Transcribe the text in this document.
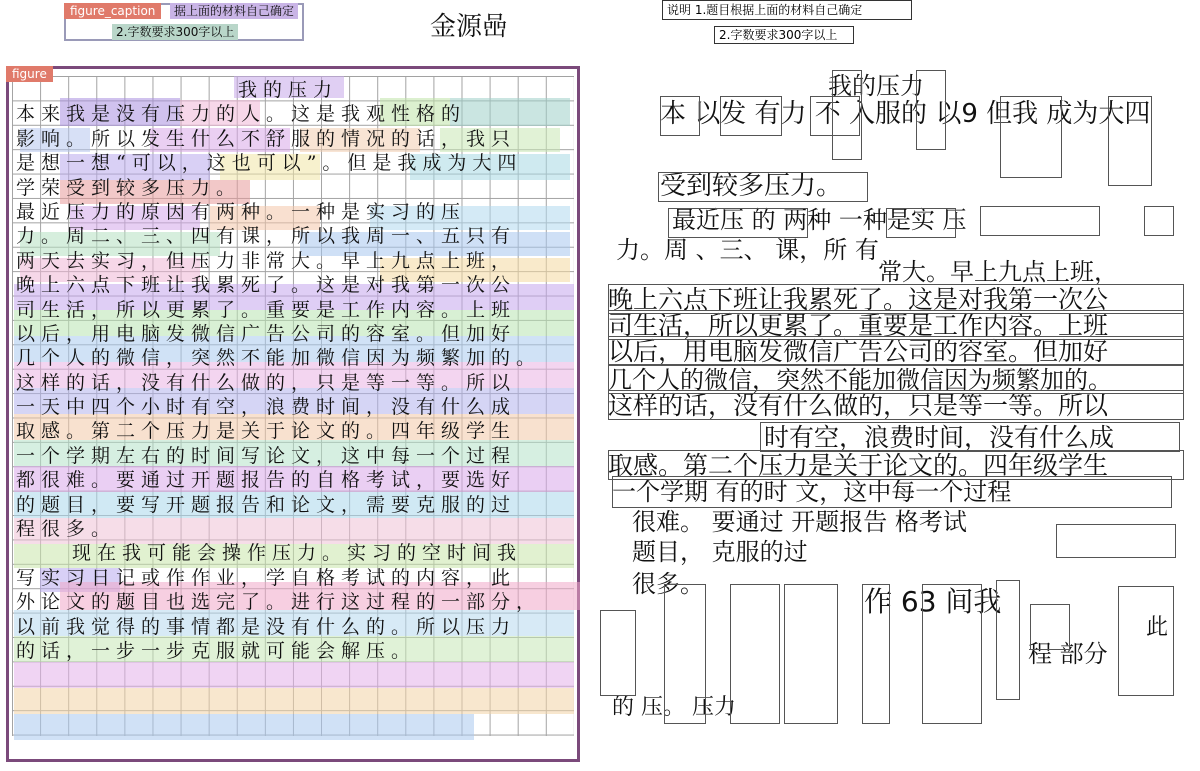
figure_caption	据上面的材料自己确定
2.字数要求300字以上	金源喦
figure
我的压力
本来我是没有压力的人。这是我观性格的
影响。所以发生什么不舒服的情况的话，我只
是想一想“可以，这也可以”。但是我成为大四
学荣受到较多压力。
最近压力的原因有两种。一种是实习的压
力。周二、三、四有课，所以我周一、五只有
两天去实习，但压力非常大。早上九点上班，
晚上六点下班让我累死了。这是对我第一次公
司生活，所以更累了。重要是工作内容。上班
以后，用电脑发微信广告公司的容室。但加好
几个人的微信，突然不能加微信因为频繁加的。
这样的话，没有什么做的，只是等一等。所以
一天中四个小时有空，浪费时间，没有什么成
取感。第二个压力是关于论文的。四年级学生
一个学期左右的时间写论文，这中每一个过程
都很难。要通过开题报告的自格考试，要选好
的题目，要写开题报告和论文，需要克服的过
程很多。
现在我可能会操作压力。实习的空时间我
写实习日记或作作业，学自格考试的内容，此
外论文的题目也选完了。进行这过程的一部分，
以前我觉得的事情都是没有什么的。所以压力
的话，一步一步克服就可能会解压。
说明 1.题目根据上面的材料自己确定
2.字数要求300字以上
我的压力
本 以发 有力 不 入服的 以9 但我 成为大四
受到较多压力。
最近压 的 两种 一种是实 压
力。周 、三、 课，所 有
常大。早上九点上班，
晚上六点下班让我累死了。这是对我第一次公
司生活，所以更累了。重要是工作内容。上班
以后，用电脑发微信广告公司的容室。但加好
几个人的微信，突然不能加微信因为频繁加的。
这样的话，没有什么做的，只是等一等。所以
时有空，浪费时间，没有什么成
取感。第二个压力是关于论文的。四年级学生
一个学期 有的时 文，这中每一个过程
很难。 要通过 开题报告 格考试
题目， 克服的过
很多。
作 63 间我
此
程 部分
的 压。 压力
